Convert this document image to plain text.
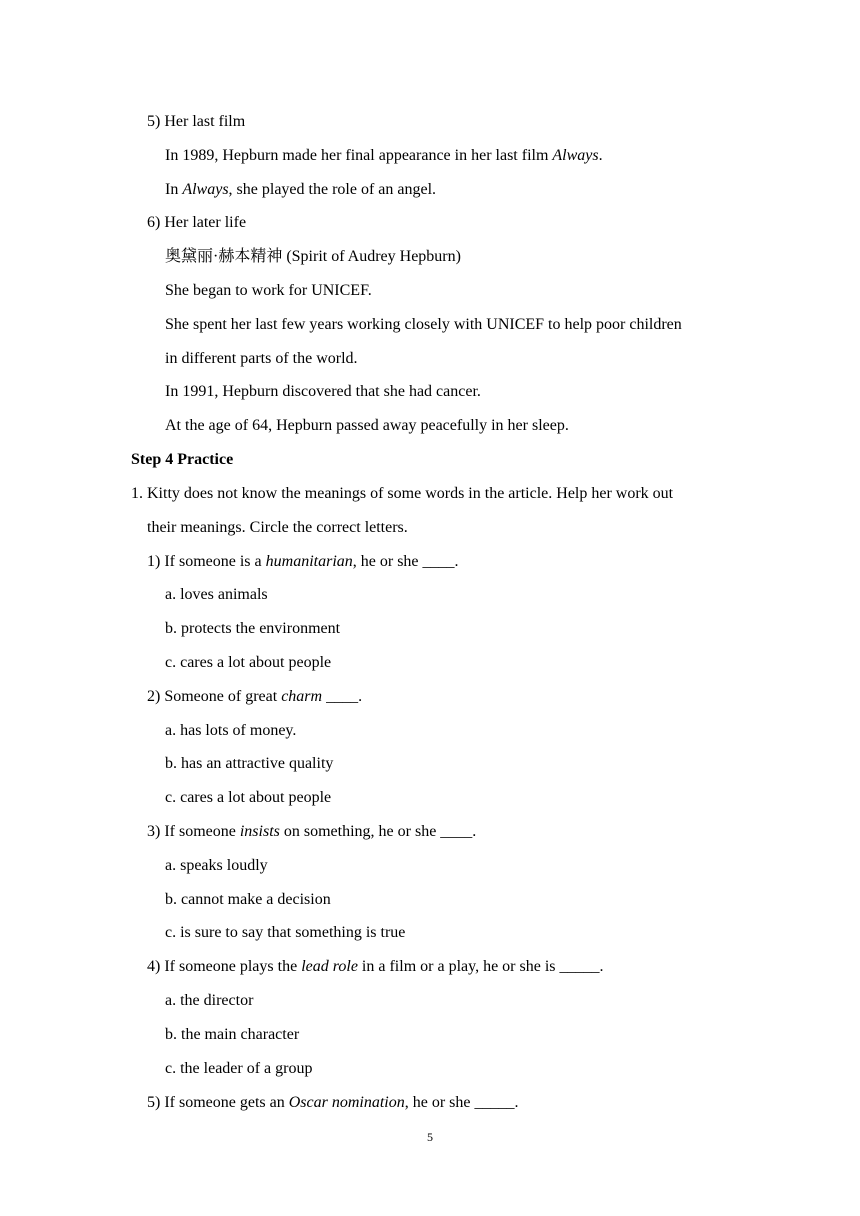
5) Her last film
In 1989, Hepburn made her final appearance in her last film Always.
In Always, she played the role of an angel.
6) Her later life
奥黛丽·赫本精神 (Spirit of Audrey Hepburn)
She began to work for UNICEF.
She spent her last few years working closely with UNICEF to help poor children
in different parts of the world.
In 1991, Hepburn discovered that she had cancer.
At the age of 64, Hepburn passed away peacefully in her sleep.
Step 4 Practice
1. Kitty does not know the meanings of some words in the article. Help her work out
their meanings. Circle the correct letters.
1) If someone is a humanitarian, he or she ____.
a. loves animals
b. protects the environment
c. cares a lot about people
2) Someone of great charm ____.
a. has lots of money.
b. has an attractive quality
c. cares a lot about people
3) If someone insists on something, he or she ____.
a. speaks loudly
b. cannot make a decision
c. is sure to say that something is true
4) If someone plays the lead role in a film or a play, he or she is _____.
a. the director
b. the main character
c. the leader of a group
5) If someone gets an Oscar nomination, he or she _____.
5
